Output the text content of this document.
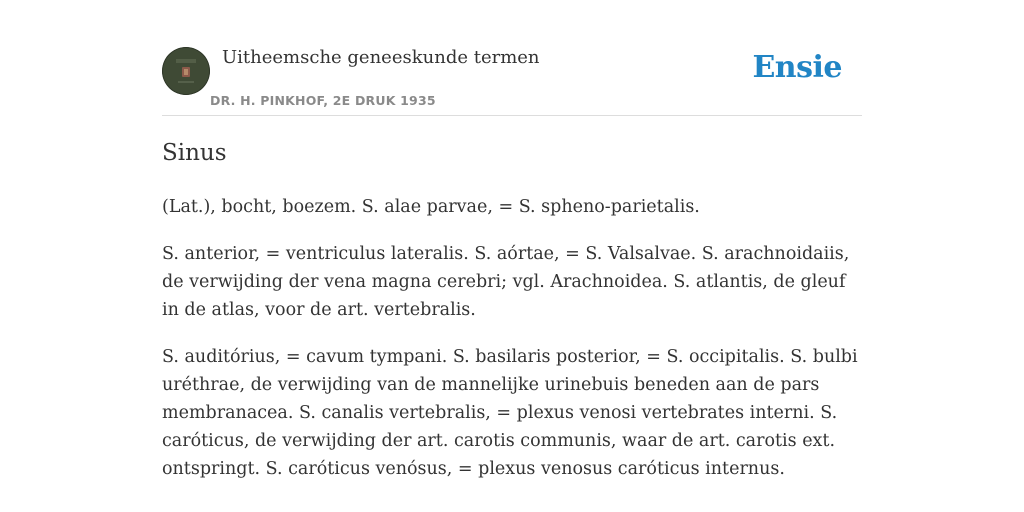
Uitheemsche geneeskunde termen
DR. H. PINKHOF, 2E DRUK 1935
Ensie
Sinus

(Lat.), bocht, boezem. S. alae parvae, = S. spheno-parietalis.

S. anterior, = ventriculus lateralis. S. aórtae, = S. Valsalvae. S. arachnoidaiis, de verwijding der vena magna cerebri; vgl. Arachnoidea. S. atlantis, de gleuf in de atlas, voor de art. vertebralis.

S. auditórius, = cavum tympani. S. basilaris posterior, = S. occipitalis. S. bulbi uréthrae, de verwijding van de mannelijke urinebuis beneden aan de pars membranacea. S. canalis vertebralis, = plexus venosi vertebrates interni. S. caróticus, de verwijding der art. carotis communis, waar de art. carotis ext. ontspringt. S. caróticus venósus, = plexus venosus caróticus internus.
